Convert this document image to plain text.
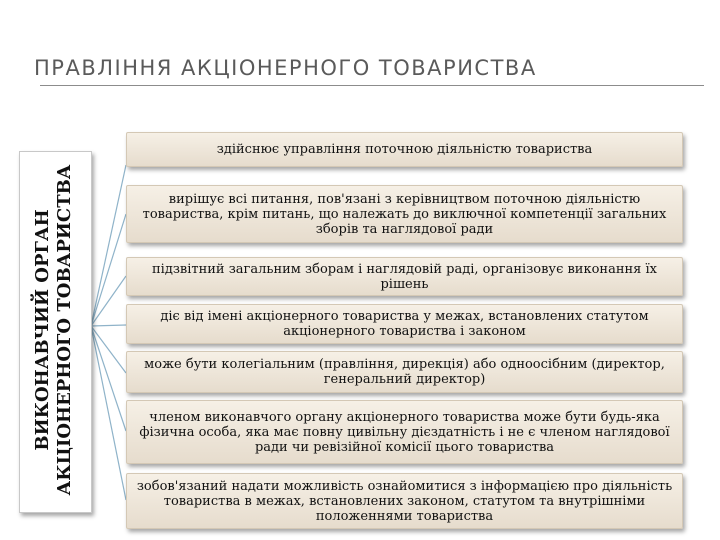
ПРАВЛІННЯ АКЦІОНЕРНОГО ТОВАРИСТВА
ВИКОНАВЧИЙ ОРГАН АКЦІОНЕРНОГО ТОВАРИСТВА
здійснює управління поточною діяльністю товариства
вирішує всі питання, пов'язані з керівництвом поточною діяльністю товариства, крім питань, що належать до виключної компетенції загальних зборів та наглядової ради
підзвітний загальним зборам і наглядовій раді, організовує виконання їх рішень
діє від імені акціонерного товариства у межах, встановлених статутом акціонерного товариства і законом
може бути колегіальним (правління, дирекція) або одноосібним (директор, генеральний директор)
членом виконавчого органу акціонерного товариства може бути будь-яка фізична особа, яка має повну цивільну дієздатність і не є членом наглядової ради чи ревізійної комісії цього товариства
зобов'язаний надати можливість ознайомитися з інформацією про діяльність товариства в межах, встановлених законом, статутом та внутрішніми положеннями товариства
